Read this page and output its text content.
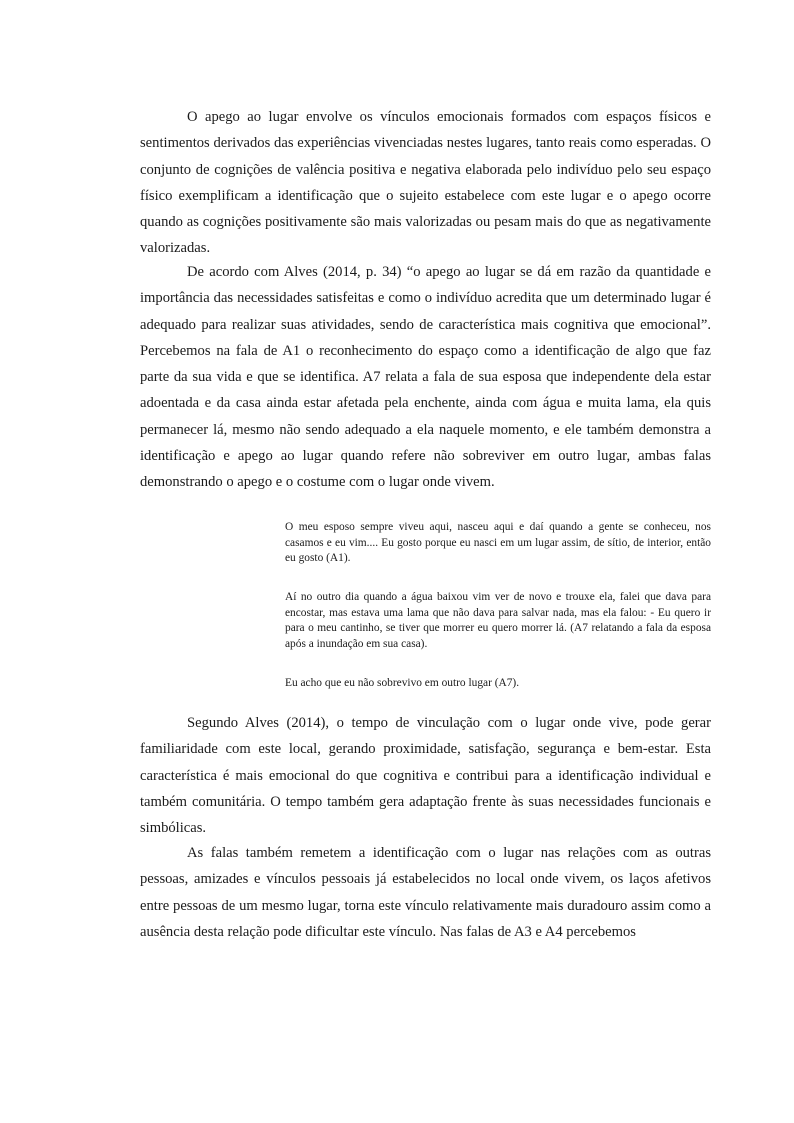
O apego ao lugar envolve os vínculos emocionais formados com espaços físicos e sentimentos derivados das experiências vivenciadas nestes lugares, tanto reais como esperadas. O conjunto de cognições de valência positiva e negativa elaborada pelo indivíduo pelo seu espaço físico exemplificam a identificação que o sujeito estabelece com este lugar e o apego ocorre quando as cognições positivamente são mais valorizadas ou pesam mais do que as negativamente valorizadas.

De acordo com Alves (2014, p. 34) “o apego ao lugar se dá em razão da quantidade e importância das necessidades satisfeitas e como o indivíduo acredita que um determinado lugar é adequado para realizar suas atividades, sendo de característica mais cognitiva que emocional”. Percebemos na fala de A1 o reconhecimento do espaço como a identificação de algo que faz parte da sua vida e que se identifica. A7 relata a fala de sua esposa que independente dela estar adoentada e da casa ainda estar afetada pela enchente, ainda com água e muita lama, ela quis permanecer lá, mesmo não sendo adequado a ela naquele momento, e ele também demonstra a identificação e apego ao lugar quando refere não sobreviver em outro lugar, ambas falas demonstrando o apego e o costume com o lugar onde vivem.

O meu esposo sempre viveu aqui, nasceu aqui e daí quando a gente se conheceu, nos casamos e eu vim.... Eu gosto porque eu nasci em um lugar assim, de sítio, de interior, então eu gosto (A1).

Aí no outro dia quando a água baixou vim ver de novo e trouxe ela, falei que dava para encostar, mas estava uma lama que não dava para salvar nada, mas ela falou: - Eu quero ir para o meu cantinho, se tiver que morrer eu quero morrer lá. (A7 relatando a fala da esposa após a inundação em sua casa).

Eu acho que eu não sobrevivo em outro lugar (A7).

Segundo Alves (2014), o tempo de vinculação com o lugar onde vive, pode gerar familiaridade com este local, gerando proximidade, satisfação, segurança e bem-estar. Esta característica é mais emocional do que cognitiva e contribui para a identificação individual e também comunitária. O tempo também gera adaptação frente às suas necessidades funcionais e simbólicas.

As falas também remetem a identificação com o lugar nas relações com as outras pessoas, amizades e vínculos pessoais já estabelecidos no local onde vivem, os laços afetivos entre pessoas de um mesmo lugar, torna este vínculo relativamente mais duradouro assim como a ausência desta relação pode dificultar este vínculo. Nas falas de A3 e A4 percebemos
